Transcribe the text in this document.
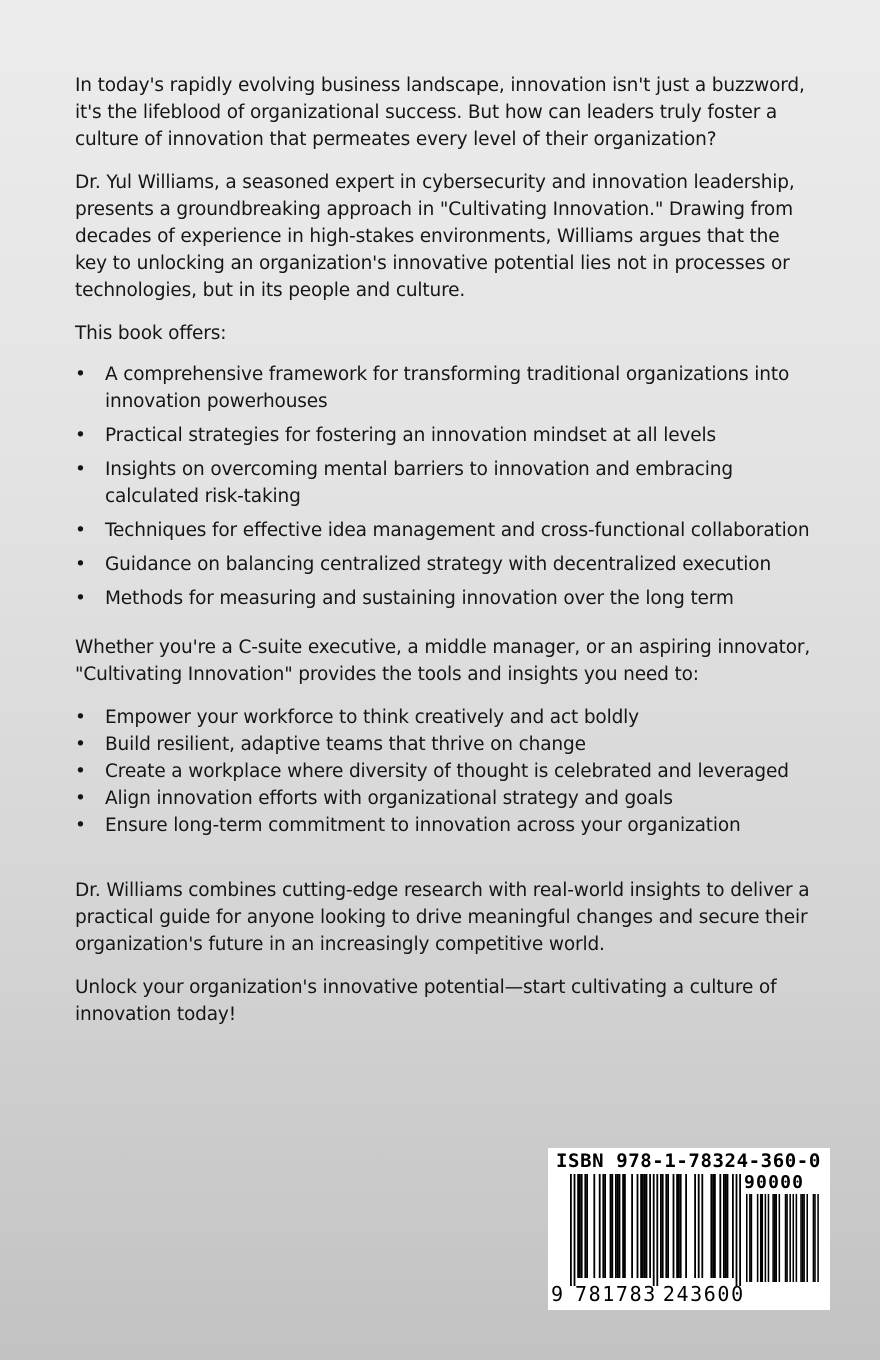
In today's rapidly evolving business landscape, innovation isn't just a buzzword, it's the lifeblood of organizational success. But how can leaders truly foster a culture of innovation that permeates every level of their organization?

Dr. Yul Williams, a seasoned expert in cybersecurity and innovation leadership, presents a groundbreaking approach in "Cultivating Innovation." Drawing from decades of experience in high-stakes environments, Williams argues that the key to unlocking an organization's innovative potential lies not in processes or technologies, but in its people and culture.

This book offers:

• A comprehensive framework for transforming traditional organizations into innovation powerhouses
• Practical strategies for fostering an innovation mindset at all levels
• Insights on overcoming mental barriers to innovation and embracing calculated risk-taking
• Techniques for effective idea management and cross-functional collaboration
• Guidance on balancing centralized strategy with decentralized execution
• Methods for measuring and sustaining innovation over the long term

Whether you're a C-suite executive, a middle manager, or an aspiring innovator, "Cultivating Innovation" provides the tools and insights you need to:

• Empower your workforce to think creatively and act boldly
• Build resilient, adaptive teams that thrive on change
• Create a workplace where diversity of thought is celebrated and leveraged
• Align innovation efforts with organizational strategy and goals
• Ensure long-term commitment to innovation across your organization

Dr. Williams combines cutting-edge research with real-world insights to deliver a practical guide for anyone looking to drive meaningful changes and secure their organization's future in an increasingly competitive world.

Unlock your organization's innovative potential—start cultivating a culture of innovation today!

ISBN 978-1-78324-360-0
90000
9 781783 243600
